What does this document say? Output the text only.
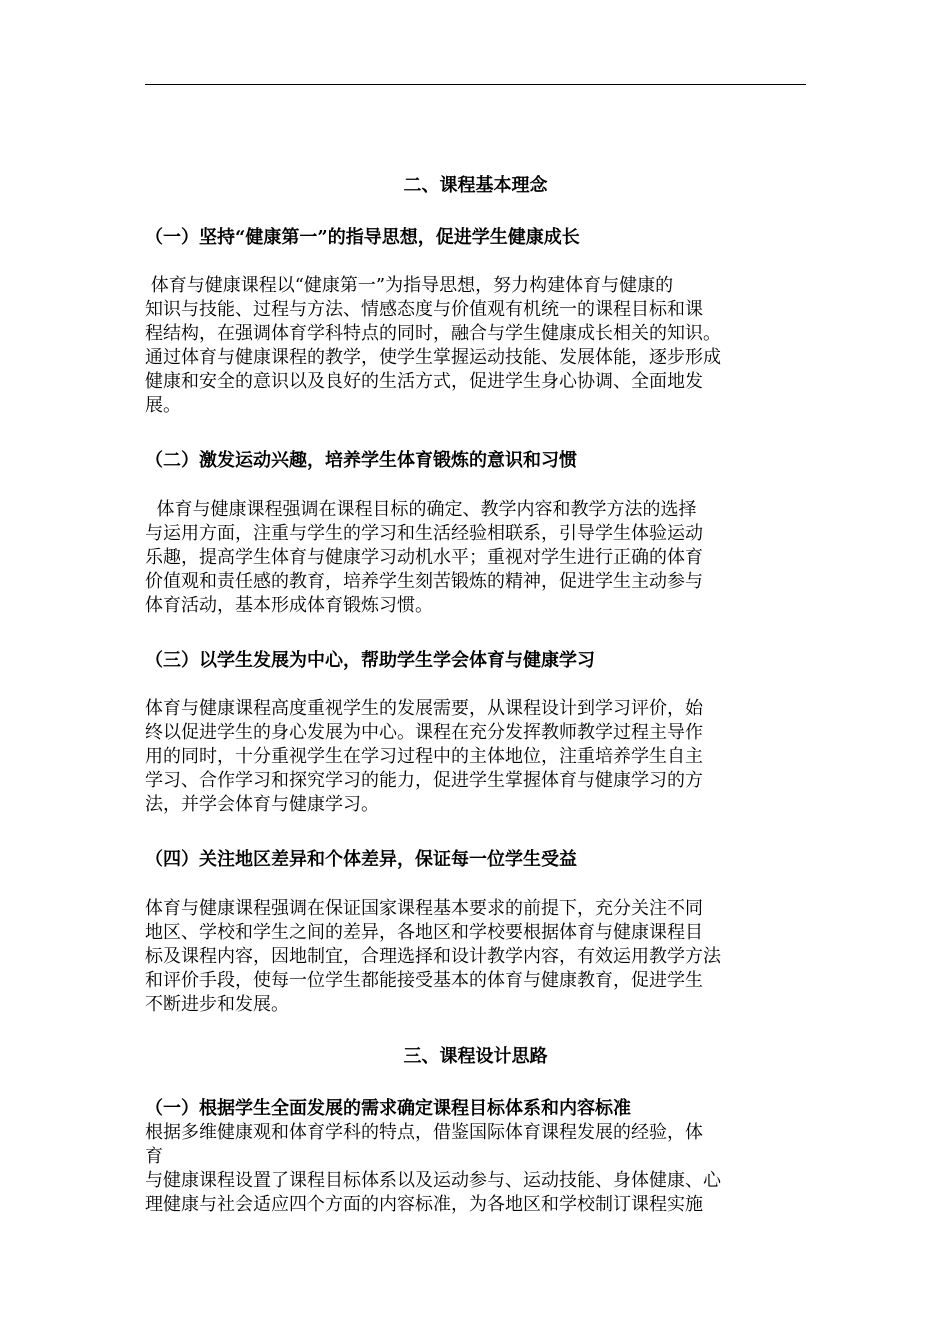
二、课程基本理念
（一）坚持“健康第一”的指导思想，促进学生健康成长
体育与健康课程以“健康第一”为指导思想，努力构建体育与健康的
知识与技能、过程与方法、情感态度与价值观有机统一的课程目标和课
程结构，在强调体育学科特点的同时，融合与学生健康成长相关的知识。
通过体育与健康课程的教学，使学生掌握运动技能、发展体能，逐步形成
健康和安全的意识以及良好的生活方式，促进学生身心协调、全面地发
展。
（二）激发运动兴趣，培养学生体育锻炼的意识和习惯
体育与健康课程强调在课程目标的确定、教学内容和教学方法的选择
与运用方面，注重与学生的学习和生活经验相联系，引导学生体验运动
乐趣，提高学生体育与健康学习动机水平；重视对学生进行正确的体育
价值观和责任感的教育，培养学生刻苦锻炼的精神，促进学生主动参与
体育活动，基本形成体育锻炼习惯。
（三）以学生发展为中心，帮助学生学会体育与健康学习
体育与健康课程高度重视学生的发展需要，从课程设计到学习评价，始
终以促进学生的身心发展为中心。课程在充分发挥教师教学过程主导作
用的同时，十分重视学生在学习过程中的主体地位，注重培养学生自主
学习、合作学习和探究学习的能力，促进学生掌握体育与健康学习的方
法，并学会体育与健康学习。
（四）关注地区差异和个体差异，保证每一位学生受益
体育与健康课程强调在保证国家课程基本要求的前提下，充分关注不同
地区、学校和学生之间的差异，各地区和学校要根据体育与健康课程目
标及课程内容，因地制宜，合理选择和设计教学内容，有效运用教学方法
和评价手段，使每一位学生都能接受基本的体育与健康教育，促进学生
不断进步和发展。
三、课程设计思路
（一）根据学生全面发展的需求确定课程目标体系和内容标准
根据多维健康观和体育学科的特点，借鉴国际体育课程发展的经验，体
育
与健康课程设置了课程目标体系以及运动参与、运动技能、身体健康、心
理健康与社会适应四个方面的内容标准，为各地区和学校制订课程实施
